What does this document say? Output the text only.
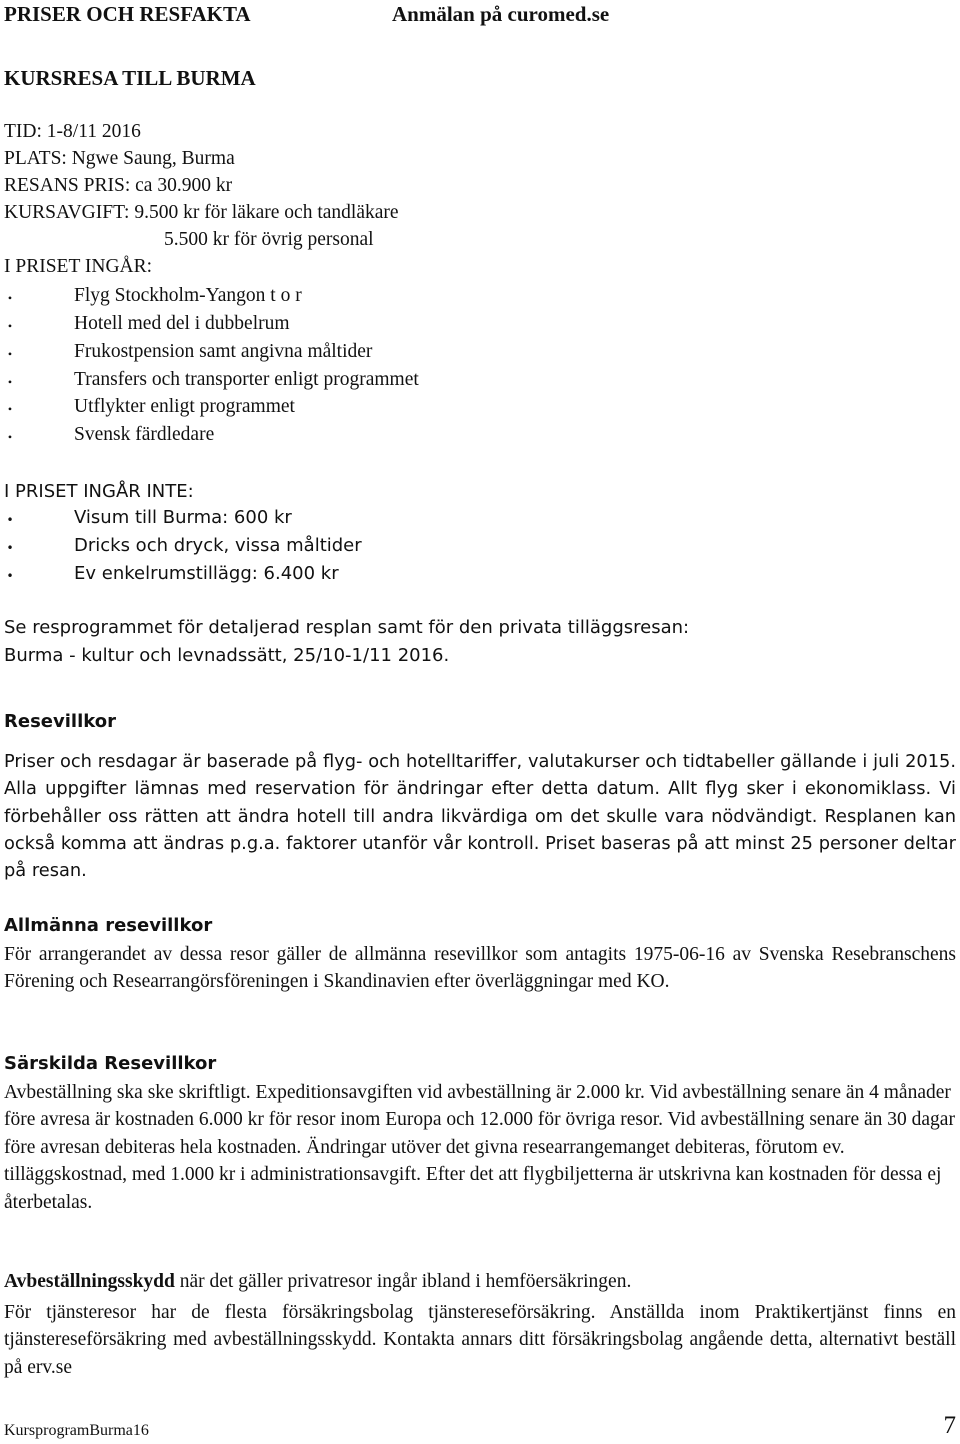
PRISER OCH RESFAKTA	Anmälan på curomed.se
KURSRESA TILL BURMA
TID: 1-8/11 2016
PLATS: Ngwe Saung, Burma
RESANS PRIS: ca 30.900 kr
KURSAVGIFT: 9.500 kr för läkare och tandläkare
5.500 kr för övrig personal
I PRISET INGÅR:
•	Flyg Stockholm-Yangon t o r
•	Hotell med del i dubbelrum
•	Frukostpension samt angivna måltider
•	Transfers och transporter enligt programmet
•	Utflykter enligt programmet
•	Svensk färdledare
I PRISET INGÅR INTE:
•	Visum till Burma: 600 kr
•	Dricks och dryck, vissa måltider
•	Ev enkelrumstillägg: 6.400 kr
Se resprogrammet för detaljerad resplan samt för den privata tilläggsresan:
Burma - kultur och levnadssätt, 25/10-1/11 2016.
Resevillkor
Priser och resdagar är baserade på flyg- och hotelltariffer, valutakurser och tidtabeller gällande i juli 2015. Alla uppgifter lämnas med reservation för ändringar efter detta datum. Allt flyg sker i ekonomiklass. Vi förbehåller oss rätten att ändra hotell till andra likvärdiga om det skulle vara nödvändigt. Resplanen kan också komma att ändras p.g.a. faktorer utanför vår kontroll. Priset baseras på att minst 25 personer deltar på resan.
Allmänna resevillkor
För arrangerandet av dessa resor gäller de allmänna resevillkor som antagits 1975-06-16 av Svenska Resebranschens Förening och Researrangörsföreningen i Skandinavien efter överläggningar med KO.
Särskilda Resevillkor
Avbeställning ska ske skriftligt. Expeditionsavgiften vid avbeställning är 2.000 kr. Vid avbeställning senare än 4 månader före avresa är kostnaden 6.000 kr för resor inom Europa och 12.000 för övriga resor. Vid avbeställning senare än 30 dagar före avresan debiteras hela kostnaden. Ändringar utöver det givna researrangemanget debiteras, förutom ev. tilläggskostnad, med 1.000 kr i administrationsavgift. Efter det att flygbiljetterna är utskrivna kan kostnaden för dessa ej återbetalas.
Avbeställningsskydd när det gäller privatresor ingår ibland i hemföersäkringen.
För tjänsteresor har de flesta försäkringsbolag tjänstereseförsäkring. Anställda inom Praktikertjänst finns en tjänstereseförsäkring med avbeställningsskydd. Kontakta annars ditt försäkringsbolag angående detta, alternativt beställ på erv.se
KursprogramBurma16	7
